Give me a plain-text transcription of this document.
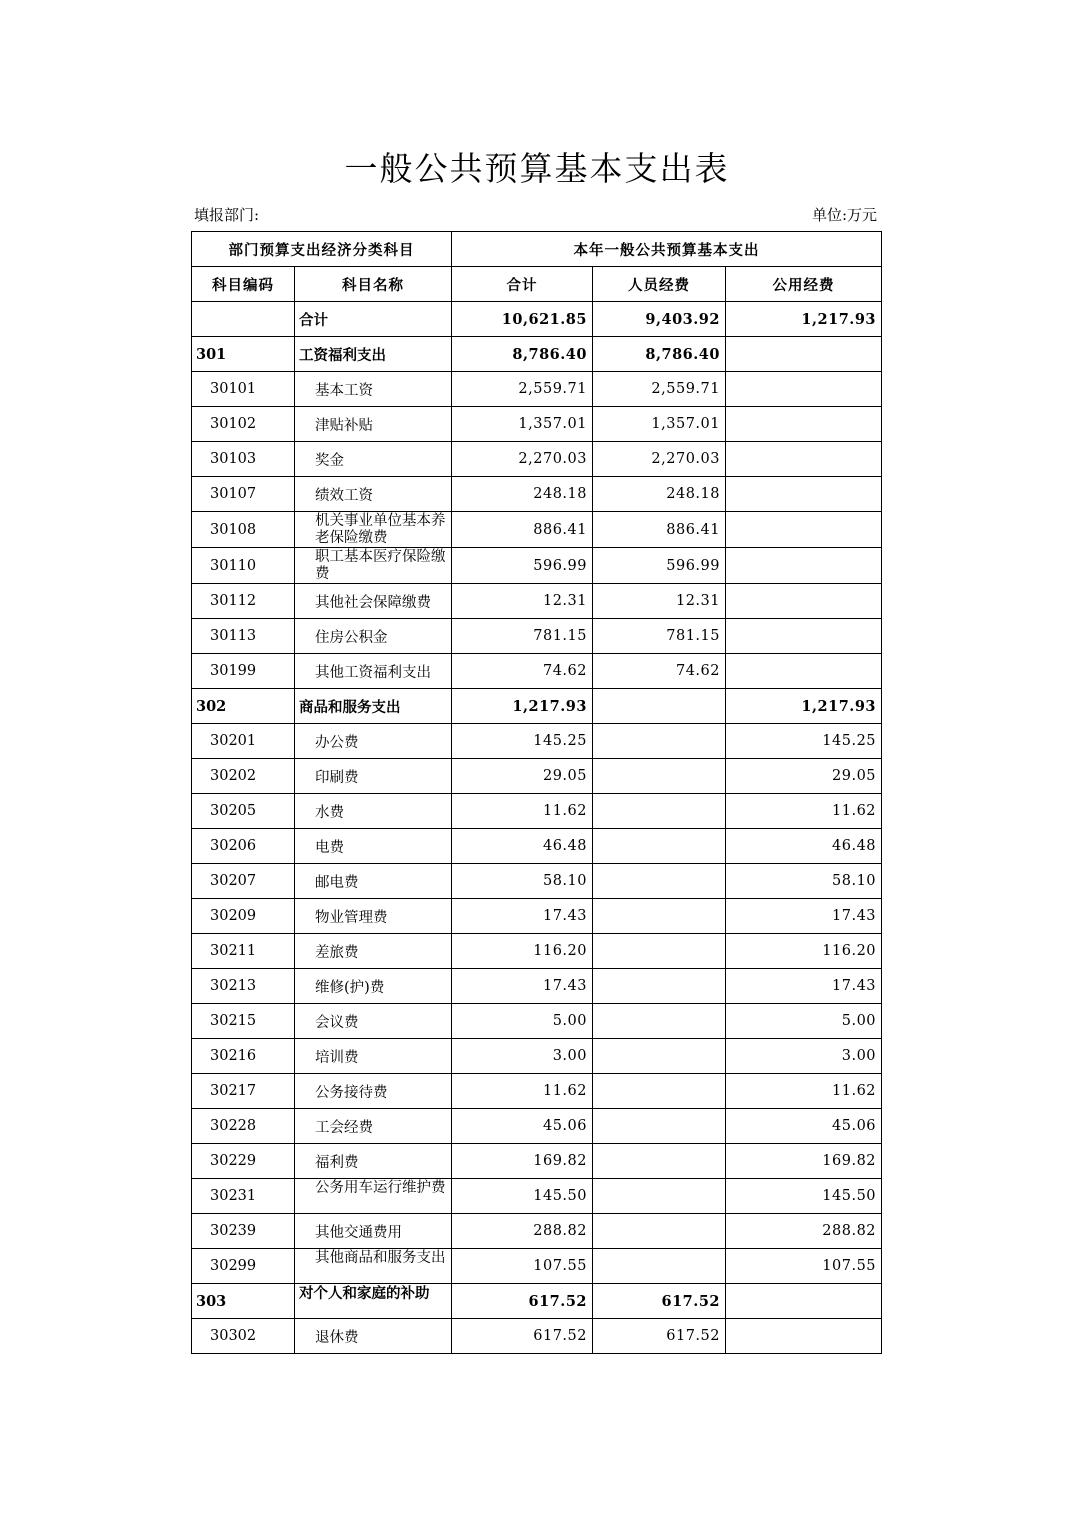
一般公共预算基本支出表
填报部门:	单位:万元
部门预算支出经济分类科目		本年一般公共预算基本支出		
科目编码	科目名称	合计	人员经费	公用经费
	合计	10,621.85	9,403.92	1,217.93
301	工资福利支出	8,786.40	8,786.40	
30101	基本工资	2,559.71	2,559.71	
30102	津贴补贴	1,357.01	1,357.01	
30103	奖金	2,270.03	2,270.03	
30107	绩效工资	248.18	248.18	
30108	机关事业单位基本养老保险缴费	886.41	886.41	
30110	职工基本医疗保险缴费	596.99	596.99	
30112	其他社会保障缴费	12.31	12.31	
30113	住房公积金	781.15	781.15	
30199	其他工资福利支出	74.62	74.62	
302	商品和服务支出	1,217.93		1,217.93
30201	办公费	145.25		145.25
30202	印刷费	29.05		29.05
30205	水费	11.62		11.62
30206	电费	46.48		46.48
30207	邮电费	58.10		58.10
30209	物业管理费	17.43		17.43
30211	差旅费	116.20		116.20
30213	维修(护)费	17.43		17.43
30215	会议费	5.00		5.00
30216	培训费	3.00		3.00
30217	公务接待费	11.62		11.62
30228	工会经费	45.06		45.06
30229	福利费	169.82		169.82
30231	公务用车运行维护费	145.50		145.50
30239	其他交通费用	288.82		288.82
30299	其他商品和服务支出	107.55		107.55
303	对个人和家庭的补助	617.52	617.52	
30302	退休费	617.52	617.52	
